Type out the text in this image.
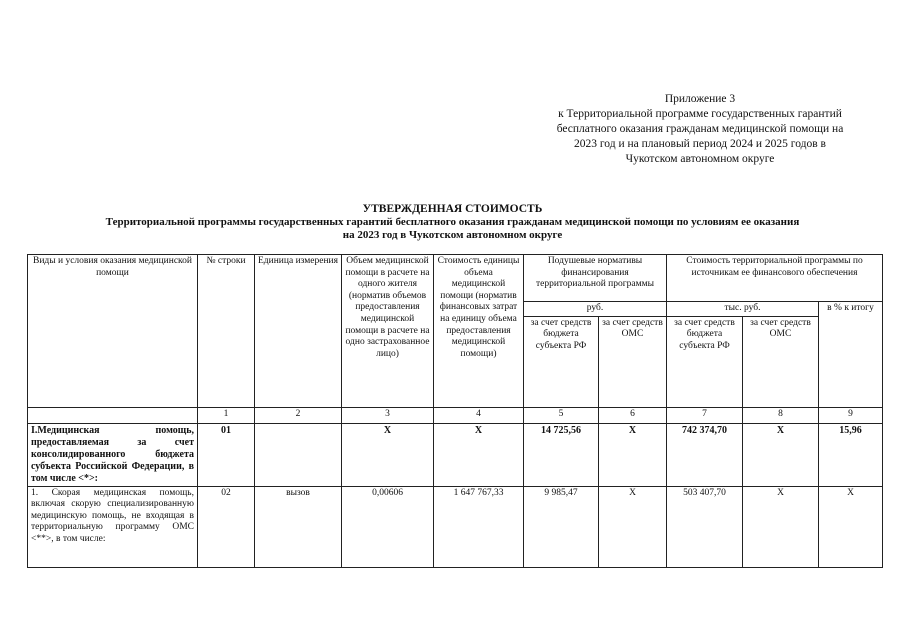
Приложение 3
к Территориальной программе государственных гарантий
бесплатного оказания гражданам медицинской помощи на
2023 год и на плановый период 2024 и 2025 годов в
Чукотском автономном округе
УТВЕРЖДЕННАЯ СТОИМОСТЬ
Территориальной программы государственных гарантий бесплатного оказания гражданам медицинской помощи по условиям ее оказания
на 2023 год в Чукотском автономном округе
Виды и условия оказания медицинской помощи	№ строки	Единица измерения	Объем медицинской помощи в расчете на одного жителя (норматив объемов предоставления медицинской помощи в расчете на одно застрахованное лицо)	Стоимость единицы объема медицинской помощи (норматив финансовых затрат на единицу объема предоставления медицинской помощи)	Подушевые нормативы финансирования территориальной программы		Стоимость территориальной программы по источникам ее финансового обеспечения		
					руб.		тыс. руб.		в % к итогу
					за счет средств бюджета субъекта РФ	за счет средств ОМС	за счет средств бюджета субъекта РФ	за счет средств ОМС	
	1	2	3	4	5	6	7	8	9
I.Медицинская помощь, предоставляемая за счет консолидированного бюджета субъекта Российской Федерации, в том числе <*>:	01		X	X	14 725,56	X	742 374,70	X	15,96
1. Скорая медицинская помощь, включая скорую специализированную медицинскую помощь, не входящая в территориальную программу ОМС <**>, в том числе:	02	вызов	0,00606	1 647 767,33	9 985,47	X	503 407,70	X	X
